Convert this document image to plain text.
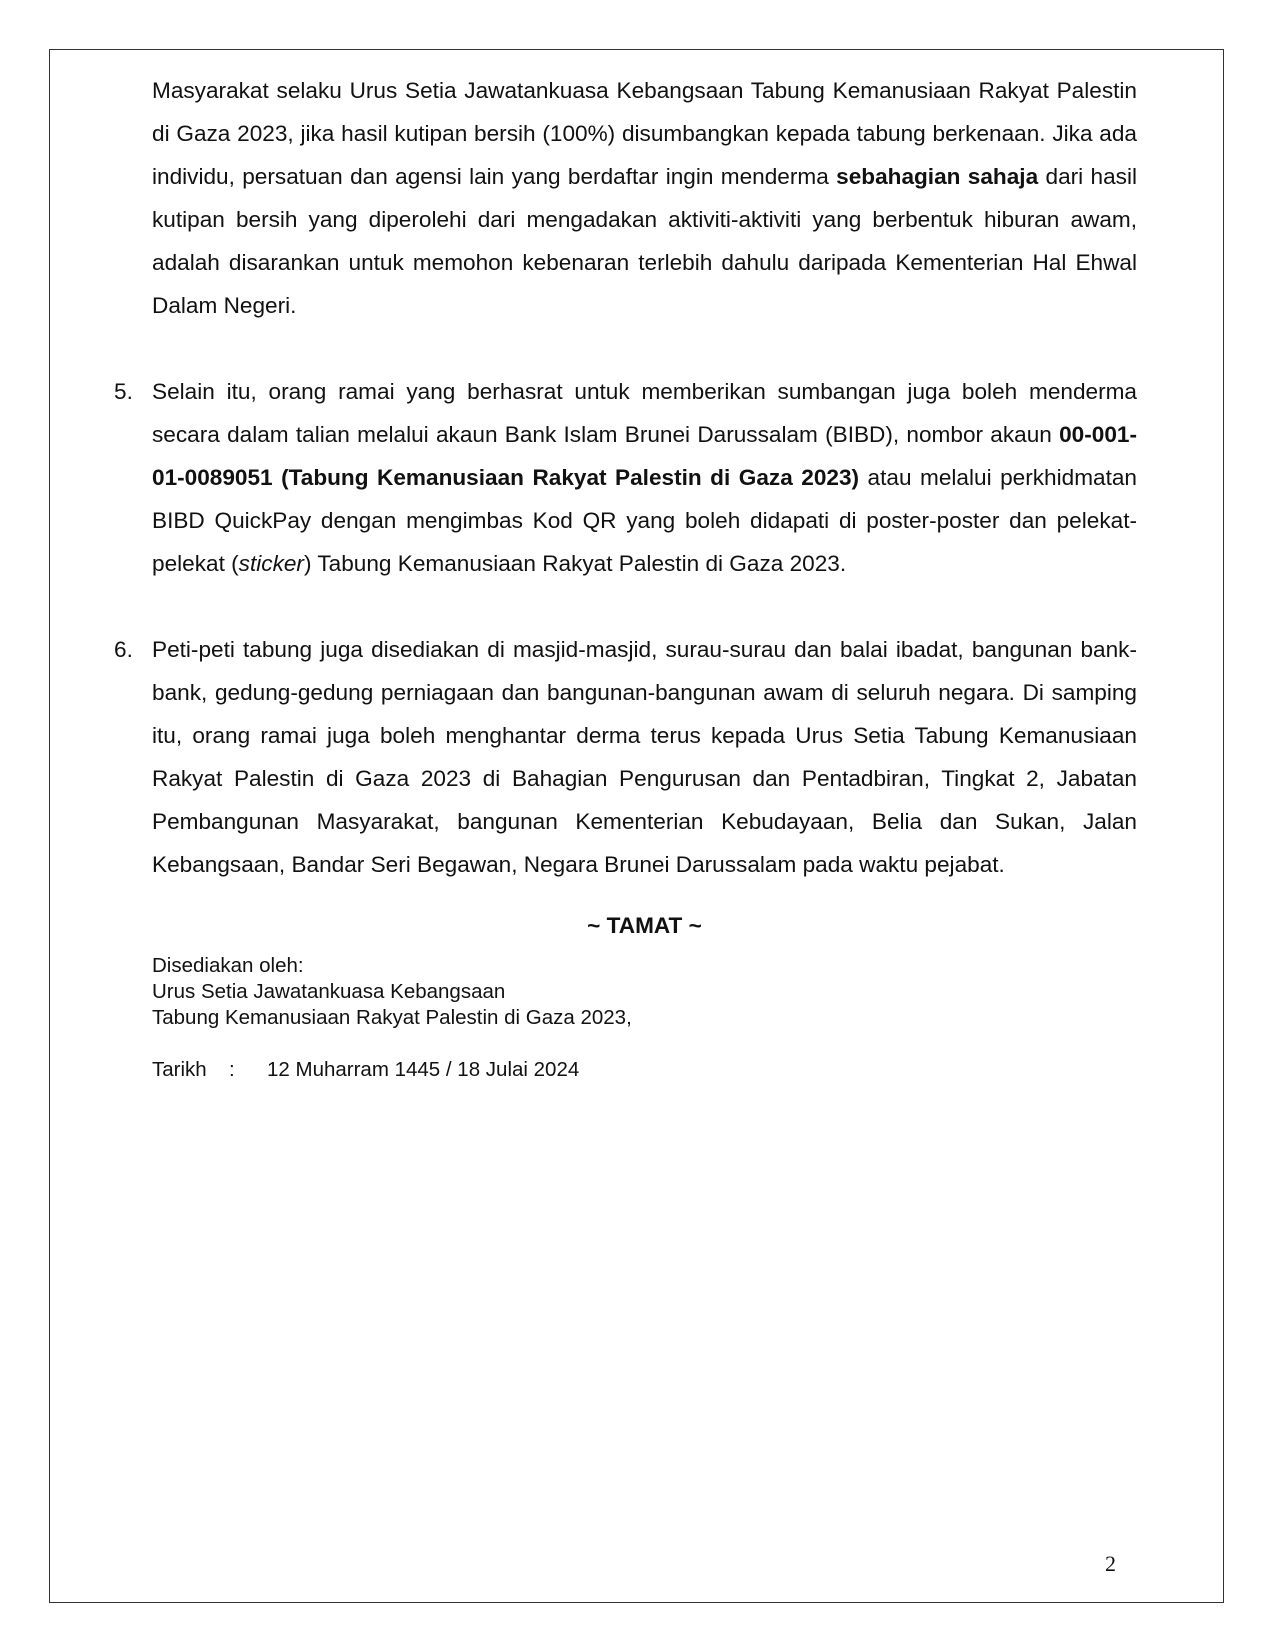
Masyarakat selaku Urus Setia Jawatankuasa Kebangsaan Tabung Kemanusiaan Rakyat Palestin di Gaza 2023, jika hasil kutipan bersih (100%) disumbangkan kepada tabung berkenaan. Jika ada individu, persatuan dan agensi lain yang berdaftar ingin menderma sebahagian sahaja dari hasil kutipan bersih yang diperolehi dari mengadakan aktiviti-aktiviti yang berbentuk hiburan awam, adalah disarankan untuk memohon kebenaran terlebih dahulu daripada Kementerian Hal Ehwal Dalam Negeri.

5. Selain itu, orang ramai yang berhasrat untuk memberikan sumbangan juga boleh menderma secara dalam talian melalui akaun Bank Islam Brunei Darussalam (BIBD), nombor akaun 00-001-01-0089051 (Tabung Kemanusiaan Rakyat Palestin di Gaza 2023) atau melalui perkhidmatan BIBD QuickPay dengan mengimbas Kod QR yang boleh didapati di poster-poster dan pelekat-pelekat (sticker) Tabung Kemanusiaan Rakyat Palestin di Gaza 2023.

6. Peti-peti tabung juga disediakan di masjid-masjid, surau-surau dan balai ibadat, bangunan bank-bank, gedung-gedung perniagaan dan bangunan-bangunan awam di seluruh negara. Di samping itu, orang ramai juga boleh menghantar derma terus kepada Urus Setia Tabung Kemanusiaan Rakyat Palestin di Gaza 2023 di Bahagian Pengurusan dan Pentadbiran, Tingkat 2, Jabatan Pembangunan Masyarakat, bangunan Kementerian Kebudayaan, Belia dan Sukan, Jalan Kebangsaan, Bandar Seri Begawan, Negara Brunei Darussalam pada waktu pejabat.

~ TAMAT ~
Disediakan oleh:
Urus Setia Jawatankuasa Kebangsaan
Tabung Kemanusiaan Rakyat Palestin di Gaza 2023,
Tarikh	:	12 Muharram 1445 / 18 Julai 2024
2
